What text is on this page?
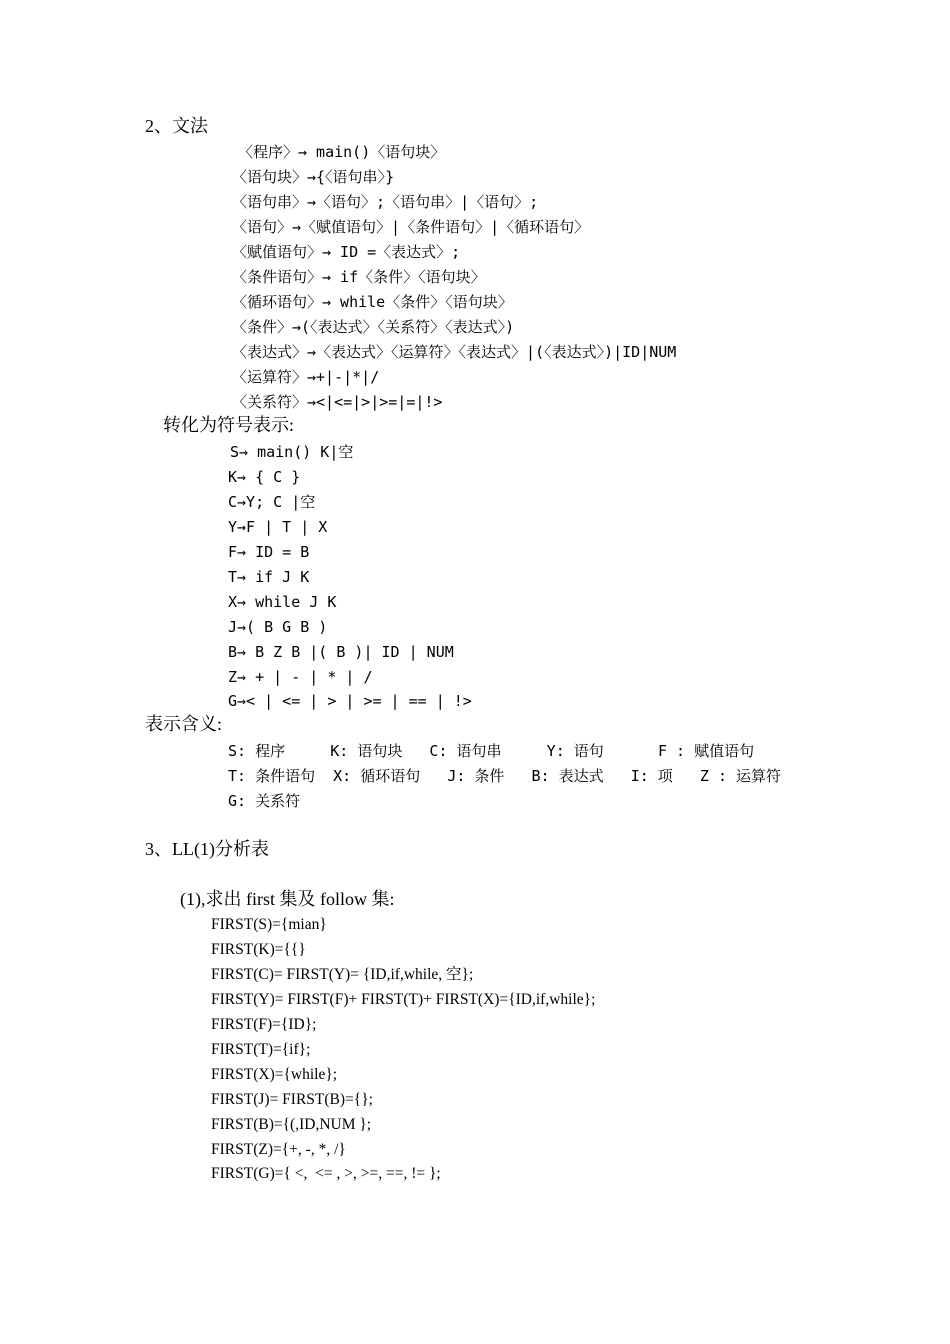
2、文法
〈程序〉→ main()〈语句块〉
〈语句块〉→{〈语句串〉}
〈语句串〉→〈语句〉;〈语句串〉|〈语句〉;
〈语句〉→〈赋值语句〉|〈条件语句〉|〈循环语句〉
〈赋值语句〉→ ID =〈表达式〉;
〈条件语句〉→ if〈条件〉〈语句块〉
〈循环语句〉→ while〈条件〉〈语句块〉
〈条件〉→(〈表达式〉〈关系符〉〈表达式〉)
〈表达式〉→〈表达式〉〈运算符〉〈表达式〉|(〈表达式〉)|ID|NUM
〈运算符〉→+|-|*|/
〈关系符〉→<|<=|>|>=|=|!>
转化为符号表示:
S→ main() K|空
K→ { C }
C→Y; C |空
Y→F | T | X
F→ ID = B
T→ if J K
X→ while J K
J→( B G B )
B→ B Z B |( B )| ID | NUM
Z→ + | - | * | /
G→< | <= | > | >= | == | !>
表示含义:
S: 程序     K: 语句块   C: 语句串     Y: 语句      F : 赋值语句
T: 条件语句  X: 循环语句   J: 条件   B: 表达式   I: 项   Z : 运算符
G: 关系符
3、LL(1)分析表
(1),求出 first 集及 follow 集:
FIRST(S)={mian}
FIRST(K)={{}
FIRST(C)= FIRST(Y)= {ID,if,while, 空};
FIRST(Y)= FIRST(F)+ FIRST(T)+ FIRST(X)={ID,if,while};
FIRST(F)={ID};
FIRST(T)={if};
FIRST(X)={while};
FIRST(J)= FIRST(B)={};
FIRST(B)={(,ID,NUM };
FIRST(Z)={+, -, *, /}
FIRST(G)={ <,  <= , >, >=, ==, != };
